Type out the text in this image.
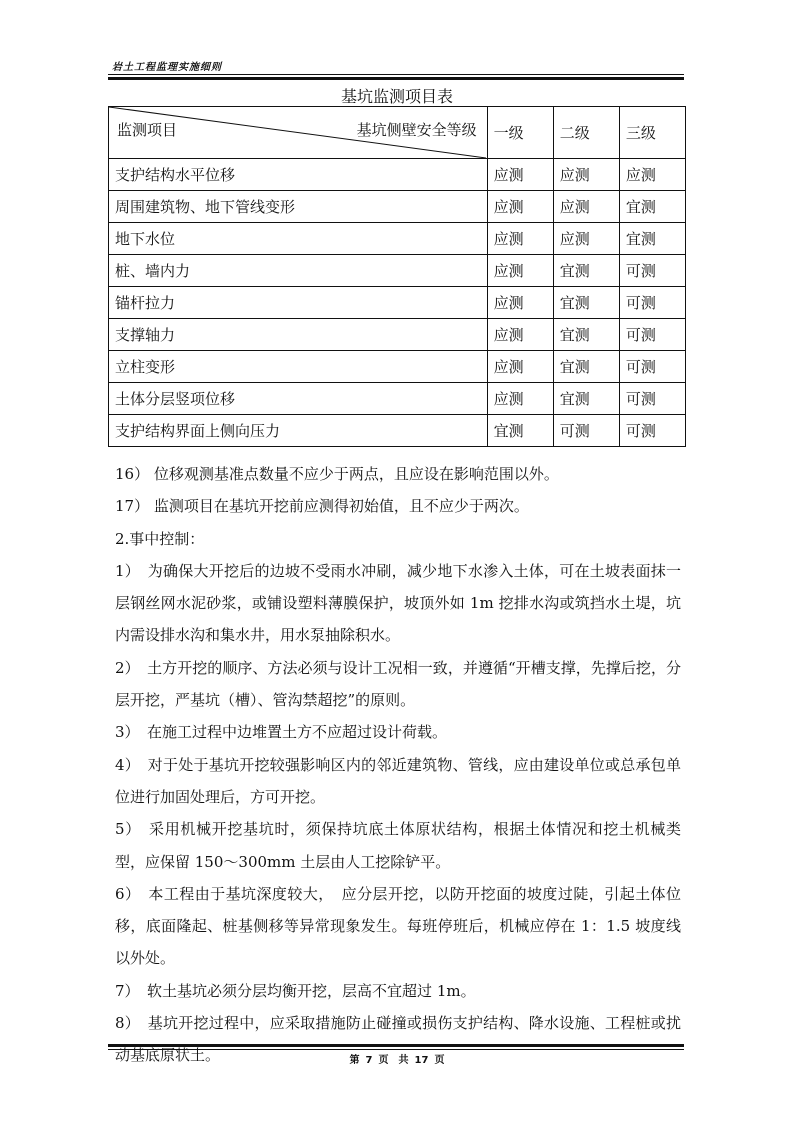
岩土工程监理实施细则
基坑监测项目表
监测项目 基坑侧壁安全等级	一级	二级	三级
支护结构水平位移	应测	应测	应测
周围建筑物、地下管线变形	应测	应测	宜测
地下水位	应测	应测	宜测
桩、墙内力	应测	宜测	可测
锚杆拉力	应测	宜测	可测
支撑轴力	应测	宜测	可测
立柱变形	应测	宜测	可测
土体分层竖项位移	应测	宜测	可测
支护结构界面上侧向压力	宜测	可测	可测

16） 位移观测基准点数量不应少于两点，且应设在影响范围以外。

17） 监测项目在基坑开挖前应测得初始值，且不应少于两次。

2.事中控制：

1）　为确保大开挖后的边坡不受雨水冲刷，减少地下水渗入土体，可在土坡表面抹一层钢丝网水泥砂浆，或铺设塑料薄膜保护，坡顶外如 1m 挖排水沟或筑挡水土堤，坑内需设排水沟和集水井，用水泵抽除积水。

2）　土方开挖的顺序、方法必须与设计工况相一致，并遵循“开槽支撑，先撑后挖，分层开挖，严基坑（槽）、管沟禁超挖”的原则。

3）　在施工过程中边堆置土方不应超过设计荷载。

4）　对于处于基坑开挖较强影响区内的邻近建筑物、管线，应由建设单位或总承包单位进行加固处理后，方可开挖。

5）　采用机械开挖基坑时，须保持坑底土体原状结构，根据土体情况和挖土机械类型，应保留 150～300mm 土层由人工挖除铲平。

6）　本工程由于基坑深度较大，　应分层开挖，以防开挖面的坡度过陡，引起土体位移，底面隆起、桩基侧移等异常现象发生。每班停班后，机械应停在 1：1.5 坡度线以外处。

7）　软土基坑必须分层均衡开挖，层高不宜超过 1m。

8）　基坑开挖过程中，应采取措施防止碰撞或损伤支护结构、降水设施、工程桩或扰动基底原状土。	第 7 页　共 17 页
